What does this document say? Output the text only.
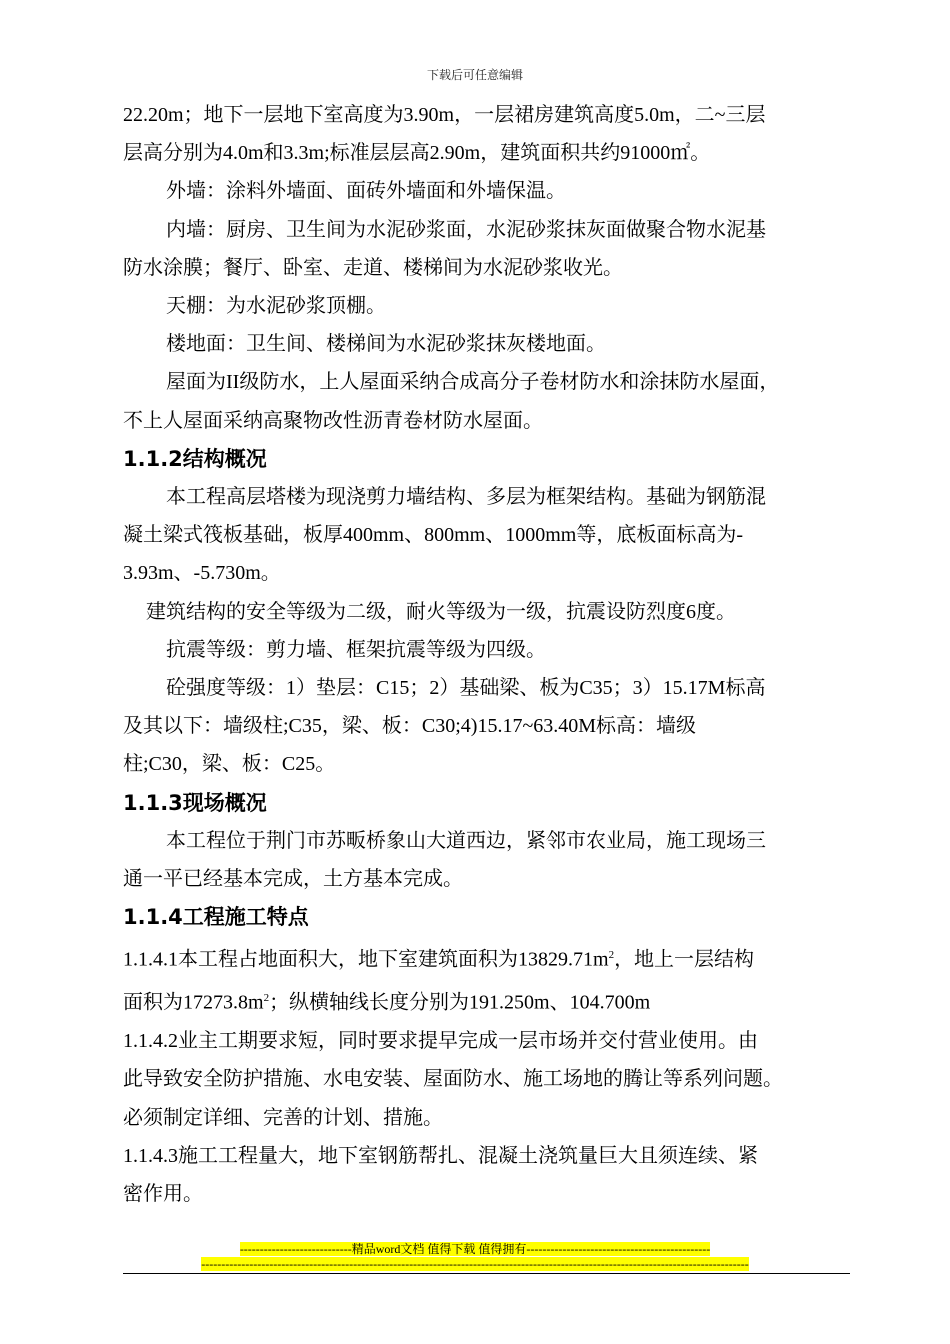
下载后可任意编辑

22.20m；地下一层地下室高度为3.90m，一层裙房建筑高度5.0m，二~三层

层高分别为4.0m和3.3m;标准层层高2.90m，建筑面积共约91000㎡。

外墙：涂料外墙面、面砖外墙面和外墙保温。

内墙：厨房、卫生间为水泥砂浆面，水泥砂浆抹灰面做聚合物水泥基

防水涂膜；餐厅、卧室、走道、楼梯间为水泥砂浆收光。

天棚：为水泥砂浆顶棚。

楼地面：卫生间、楼梯间为水泥砂浆抹灰楼地面。

屋面为II级防水，上人屋面采纳合成高分子卷材防水和涂抹防水屋面，

不上人屋面采纳高聚物改性沥青卷材防水屋面。

1.1.2结构概况

本工程高层塔楼为现浇剪力墙结构、多层为框架结构。基础为钢筋混

凝土梁式筏板基础，板厚400mm、800mm、1000mm等，底板面标高为-

3.93m、-5.730m。

建筑结构的安全等级为二级，耐火等级为一级，抗震设防烈度6度。

抗震等级：剪力墙、框架抗震等级为四级。

砼强度等级：1）垫层：C15；2）基础梁、板为C35；3）15.17M标高

及其以下：墙级柱;C35，梁、板：C30;4)15.17~63.40M标高：墙级

柱;C30，梁、板：C25。

1.1.3现场概况

本工程位于荆门市苏畈桥象山大道西边，紧邻市农业局，施工现场三

通一平已经基本完成，土方基本完成。

1.1.4工程施工特点

1.1.4.1本工程占地面积大，地下室建筑面积为$13829.71m^2$，地上一层结构

面积为$17273.8m^2$；纵横轴线长度分别为191.250m、104.700m

1.1.4.2业主工期要求短，同时要求提早完成一层市场并交付营业使用。由

此导致安全防护措施、水电安装、屋面防水、施工场地的腾让等系列问题。

必须制定详细、完善的计划、措施。

1.1.4.3施工工程量大，地下室钢筋帮扎、混凝土浇筑量巨大且须连续、紧

密作用。

----------------------------精品word文档 值得下载 值得拥有----------------------------------------------
-----------------------------------------------------------------------------------------------------------------------------------------
